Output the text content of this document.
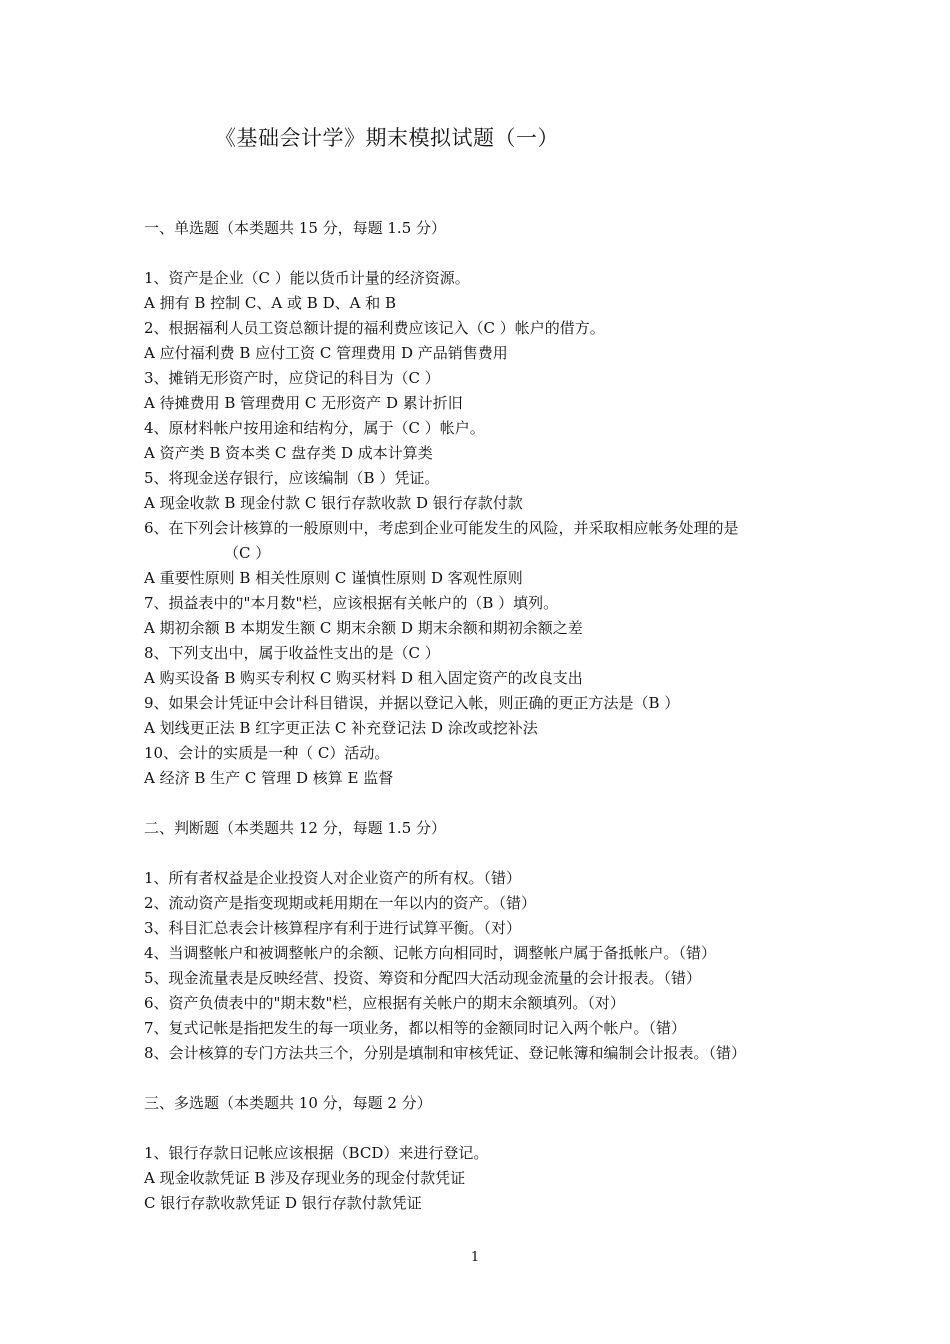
《基础会计学》期末模拟试题（一）
一、单选题（本类题共 15 分，每题 1.5 分）
1、资产是企业（C ）能以货币计量的经济资源。
A 拥有 B 控制 C、A 或 B D、A 和 B
2、根据福利人员工资总额计提的福利费应该记入（C ）帐户的借方。
A 应付福利费 B 应付工资 C 管理费用 D 产品销售费用
3、摊销无形资产时，应贷记的科目为（C ）
A 待摊费用 B 管理费用 C 无形资产 D 累计折旧
4、原材料帐户按用途和结构分，属于（C ）帐户。
A 资产类 B 资本类 C 盘存类 D 成本计算类
5、将现金送存银行，应该编制（B ）凭证。
A 现金收款 B 现金付款 C 银行存款收款 D 银行存款付款
6、在下列会计核算的一般原则中，考虑到企业可能发生的风险，并采取相应帐务处理的是
（C ）
A 重要性原则 B 相关性原则 C 谨慎性原则 D 客观性原则
7、损益表中的"本月数"栏，应该根据有关帐户的（B ）填列。
A 期初余额 B 本期发生额 C 期末余额 D 期末余额和期初余额之差
8、下列支出中，属于收益性支出的是（C ）
A 购买设备 B 购买专利权 C 购买材料 D 租入固定资产的改良支出
9、如果会计凭证中会计科目错误，并据以登记入帐，则正确的更正方法是（B ）
A 划线更正法 B 红字更正法 C 补充登记法 D 涂改或挖补法
10、会计的实质是一种（ C）活动。
A 经济 B 生产 C 管理 D 核算 E 监督
二、判断题（本类题共 12 分，每题 1.5 分）
1、所有者权益是企业投资人对企业资产的所有权。（错）
2、流动资产是指变现期或耗用期在一年以内的资产。（错）
3、科目汇总表会计核算程序有利于进行试算平衡。（对）
4、当调整帐户和被调整帐户的余额、记帐方向相同时，调整帐户属于备抵帐户。（错）
5、现金流量表是反映经营、投资、筹资和分配四大活动现金流量的会计报表。（错）
6、资产负债表中的"期末数"栏，应根据有关帐户的期末余额填列。（对）
7、复式记帐是指把发生的每一项业务，都以相等的金额同时记入两个帐户。（错）
8、会计核算的专门方法共三个，分别是填制和审核凭证、登记帐簿和编制会计报表。（错）
三、多选题（本类题共 10 分，每题 2 分）
1、银行存款日记帐应该根据（BCD）来进行登记。
A 现金收款凭证 B 涉及存现业务的现金付款凭证
C 银行存款收款凭证 D 银行存款付款凭证
1
